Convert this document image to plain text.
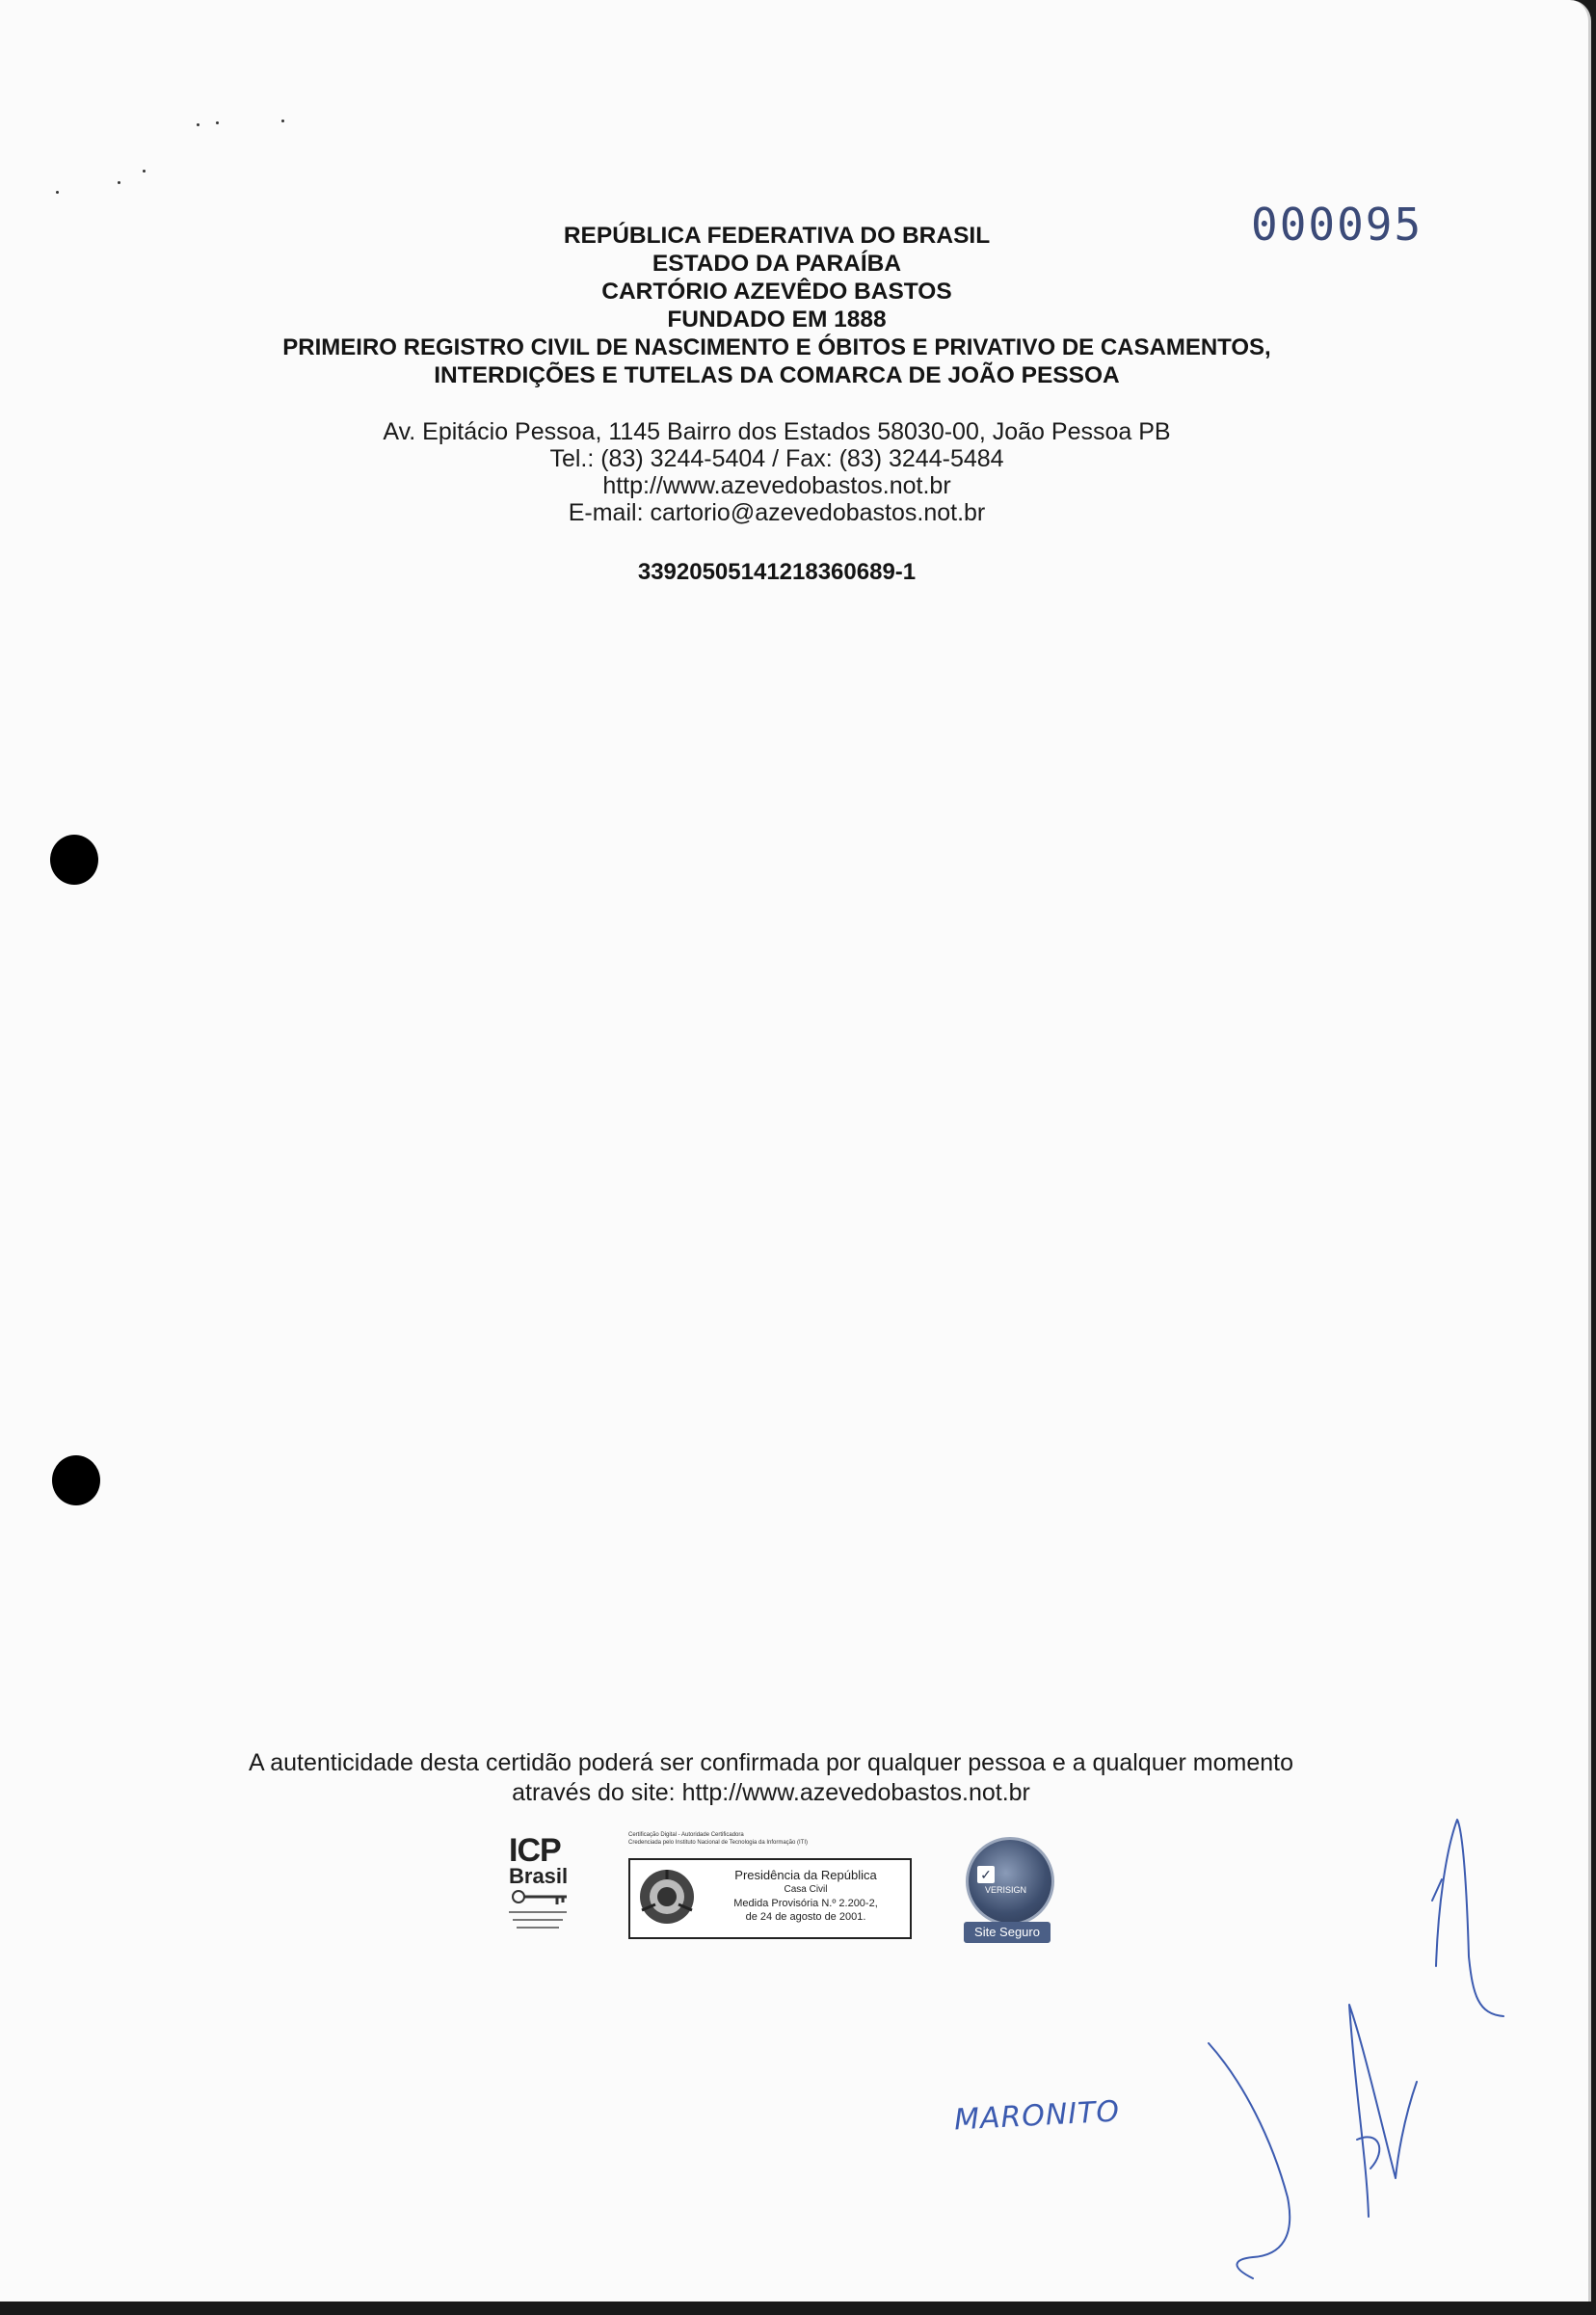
000095
REPÚBLICA FEDERATIVA DO BRASIL
ESTADO DA PARAÍBA
CARTÓRIO AZEVÊDO BASTOS
FUNDADO EM 1888
PRIMEIRO REGISTRO CIVIL DE NASCIMENTO E ÓBITOS E PRIVATIVO DE CASAMENTOS,
INTERDIÇÕES E TUTELAS DA COMARCA DE JOÃO PESSOA
Av. Epitácio Pessoa, 1145 Bairro dos Estados 58030-00, João Pessoa PB
Tel.: (83) 3244-5404 / Fax: (83) 3244-5484
http://www.azevedobastos.not.br
E-mail: cartorio@azevedobastos.not.br
33920505141218360689-1
A autenticidade desta certidão poderá ser confirmada por qualquer pessoa e a qualquer momento
através do site: http://www.azevedobastos.not.br
ICP
Brasil
Certificação Digital - Autoridade Certificadora
Credenciada pelo Instituto Nacional de Tecnologia da Informação (ITI)
Presidência da República
Casa Civil
Medida Provisória N.º 2.200-2,
de 24 de agosto de 2001.
✓
VERISIGN
Site Seguro
MARONITO
